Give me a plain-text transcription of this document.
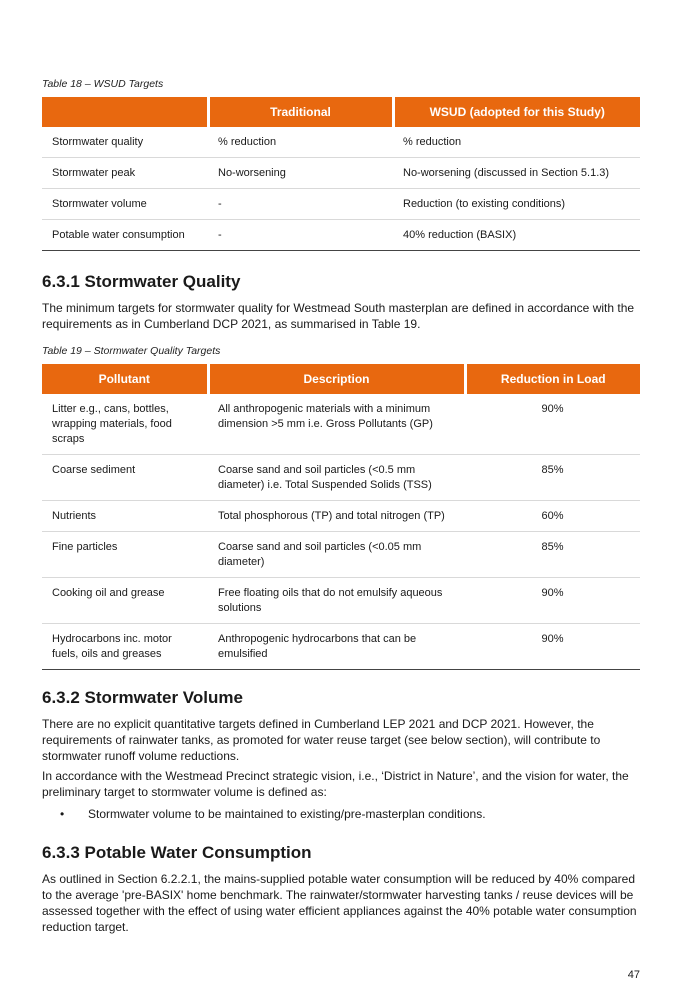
Table 18 – WSUD Targets
	Traditional	WSUD (adopted for this Study)
Stormwater quality	% reduction	% reduction
Stormwater peak	No-worsening	No-worsening (discussed in Section 5.1.3)
Stormwater volume	-	Reduction (to existing conditions)
Potable water consumption	-	40% reduction (BASIX)
6.3.1 Stormwater Quality

The minimum targets for stormwater quality for Westmead South masterplan are defined in accordance with the requirements as in Cumberland DCP 2021, as summarised in Table 19.

Table 19 – Stormwater Quality Targets
Pollutant	Description	Reduction in Load
Litter e.g., cans, bottles, wrapping materials, food scraps	All anthropogenic materials with a minimum dimension >5 mm i.e. Gross Pollutants (GP)	90%
Coarse sediment	Coarse sand and soil particles (<0.5 mm diameter) i.e. Total Suspended Solids (TSS)	85%
Nutrients	Total phosphorous (TP) and total nitrogen (TP)	60%
Fine particles	Coarse sand and soil particles (<0.05 mm diameter)	85%
Cooking oil and grease	Free floating oils that do not emulsify aqueous solutions	90%
Hydrocarbons inc. motor fuels, oils and greases	Anthropogenic hydrocarbons that can be emulsified	90%
6.3.2 Stormwater Volume

There are no explicit quantitative targets defined in Cumberland LEP 2021 and DCP 2021. However, the requirements of rainwater tanks, as promoted for water reuse target (see below section), will contribute to stormwater runoff volume reductions.

In accordance with the Westmead Precinct strategic vision, i.e., ‘District in Nature’, and the vision for water, the preliminary target to stormwater volume is defined as:

• Stormwater volume to be maintained to existing/pre-masterplan conditions.
6.3.3 Potable Water Consumption

As outlined in Section 6.2.2.1, the mains-supplied potable water consumption will be reduced by 40% compared to the average 'pre-BASIX' home benchmark. The rainwater/stormwater harvesting tanks / reuse devices will be assessed together with the effect of using water efficient appliances against the 40% potable water consumption reduction target.

47
